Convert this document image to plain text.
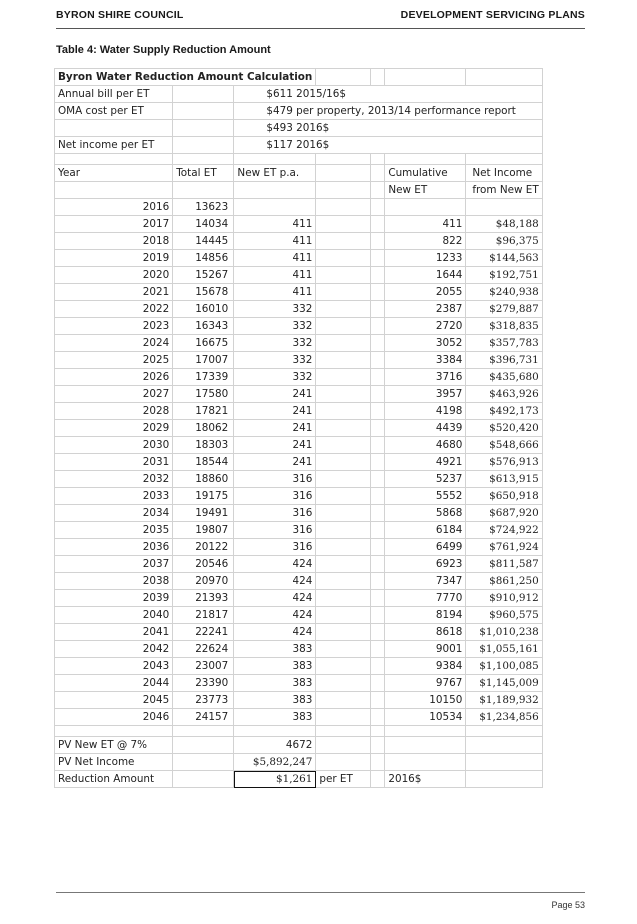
BYRON SHIRE COUNCIL	DEVELOPMENT SERVICING PLANS
Table 4: Water Supply Reduction Amount
Byron Water Reduction Amount Calculation						
Annual bill per ET		$611 2015/16$				
OMA cost per ET		$479 per property, 2013/14 performance report				
		$493 2016$				
Net income per ET		$117 2016$				

Year	Total ET	New ET p.a.			Cumulative	Net Income
					New ET	from New ET
2016	13623					
2017	14034	411			411	$48,188
2018	14445	411			822	$96,375
2019	14856	411			1233	$144,563
2020	15267	411			1644	$192,751
2021	15678	411			2055	$240,938
2022	16010	332			2387	$279,887
2023	16343	332			2720	$318,835
2024	16675	332			3052	$357,783
2025	17007	332			3384	$396,731
2026	17339	332			3716	$435,680
2027	17580	241			3957	$463,926
2028	17821	241			4198	$492,173
2029	18062	241			4439	$520,420
2030	18303	241			4680	$548,666
2031	18544	241			4921	$576,913
2032	18860	316			5237	$613,915
2033	19175	316			5552	$650,918
2034	19491	316			5868	$687,920
2035	19807	316			6184	$724,922
2036	20122	316			6499	$761,924
2037	20546	424			6923	$811,587
2038	20970	424			7347	$861,250
2039	21393	424			7770	$910,912
2040	21817	424			8194	$960,575
2041	22241	424			8618	$1,010,238
2042	22624	383			9001	$1,055,161
2043	23007	383			9384	$1,100,085
2044	23390	383			9767	$1,145,009
2045	23773	383			10150	$1,189,932
2046	24157	383			10534	$1,234,856

PV New ET @ 7%		4672				
PV Net Income		$5,892,247				
Reduction Amount		$1,261	per ET		2016$	
Page 53
